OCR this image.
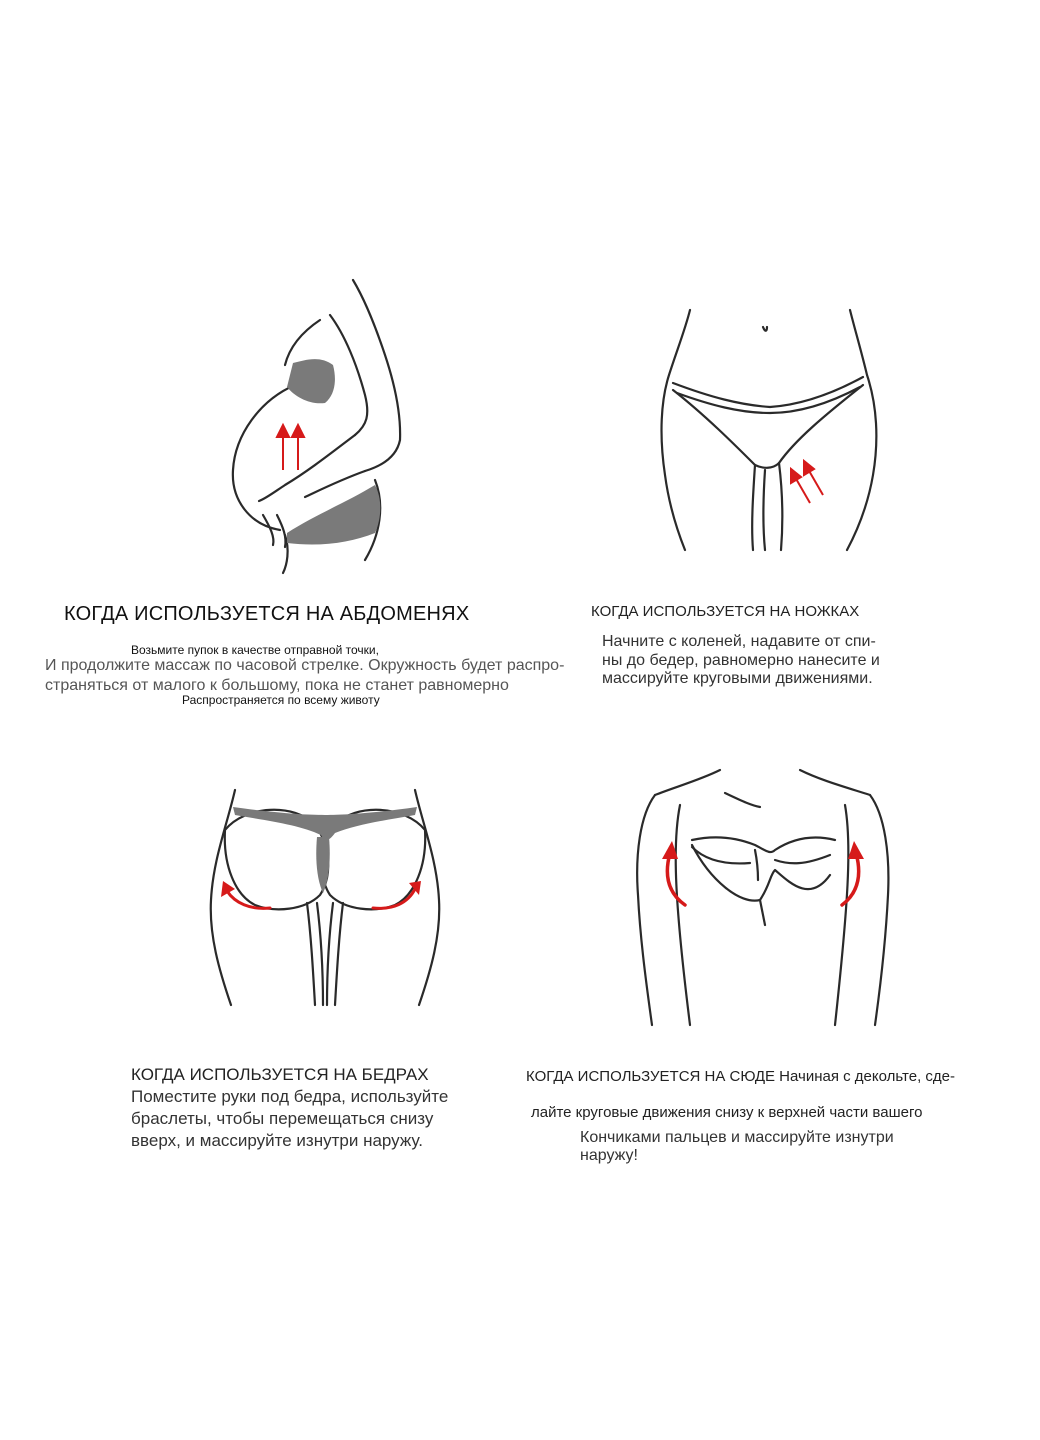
КОГДА ИСПОЛЬЗУЕТСЯ НА АБДОМЕНЯХ
Возьмите пупок в качестве отправной точки,
И продолжите массаж по часовой стрелке. Окружность будет распро-
страняться от малого к большому, пока не станет равномерно
Распространяется по всему животу
КОГДА ИСПОЛЬЗУЕТСЯ НА НОЖКАХ
Начните с коленей, надавите от спи-
ны до бедер, равномерно нанесите и
массируйте круговыми движениями.
КОГДА ИСПОЛЬЗУЕТСЯ НА БЕДРАХ
Поместите руки под бедра, используйте
браслеты, чтобы перемещаться снизу
вверх, и массируйте изнутри наружу.
КОГДА ИСПОЛЬЗУЕТСЯ НА СЮДЕ Начиная с декольте, сде-
лайте круговые движения снизу к верхней части вашего
Кончиками пальцев и массируйте изнутри
наружу!
